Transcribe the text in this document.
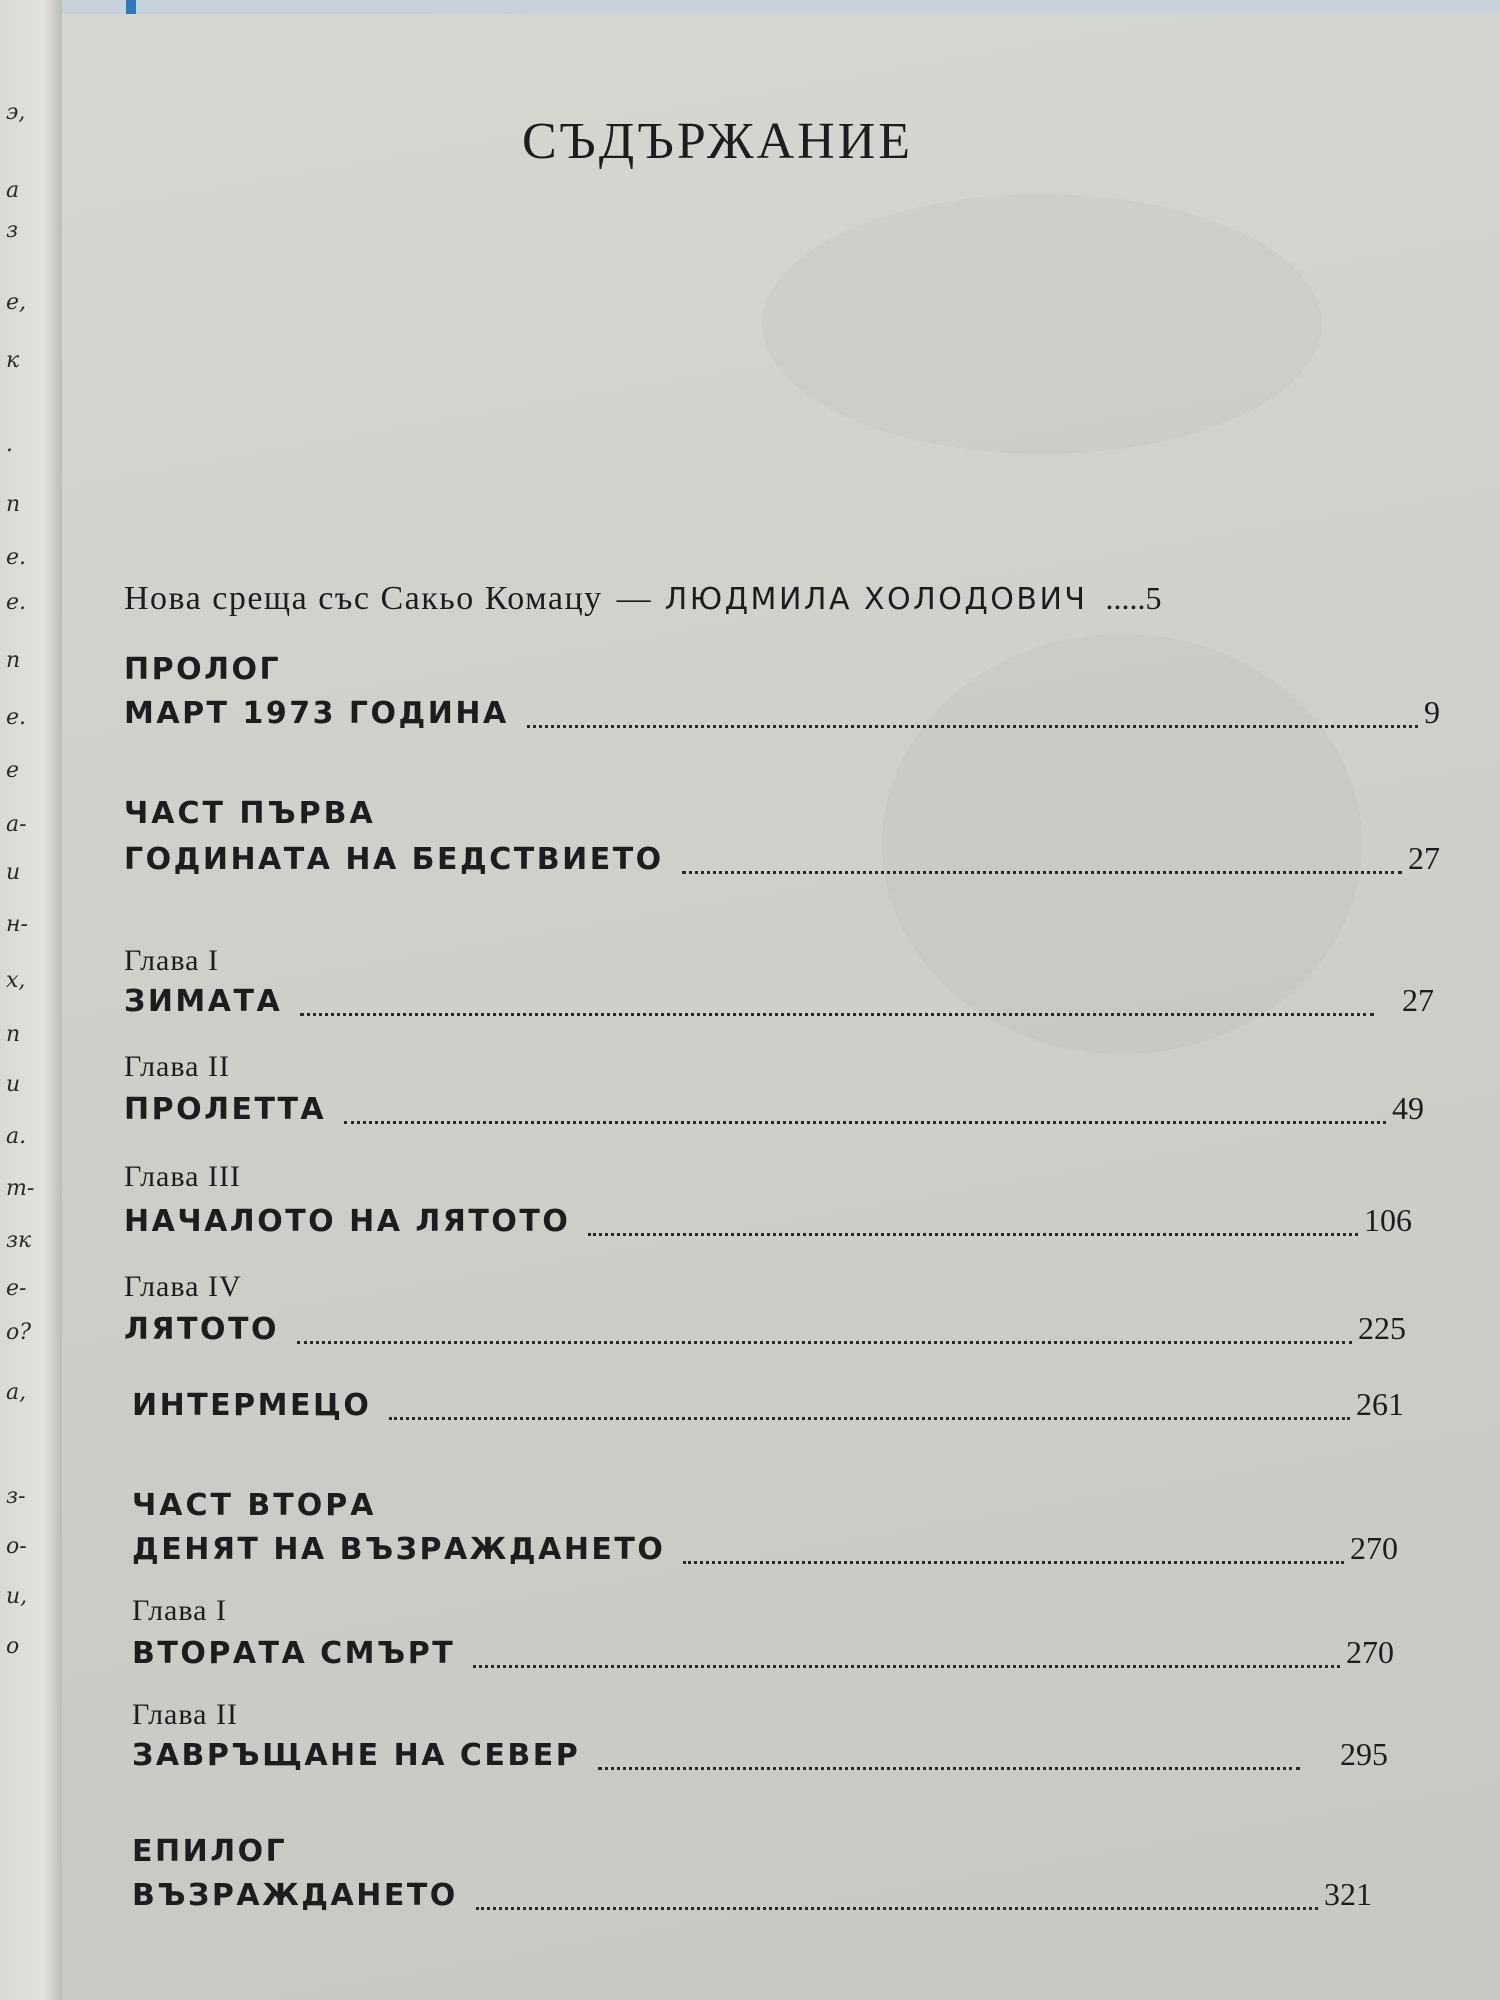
э,
а
з
е,
к
.
п
е.
е.
п
е.
е
а-
и
н-
х,
п
и
а.
т-
зк
е-
о?
а,
з-
о-
и,
о
СЪДЪРЖАНИЕ
Нова среща със Сакьо Комацу — ЛЮДМИЛА ХОЛОДОВИЧ .....5
ПРОЛОГ
МАРТ 1973 ГОДИНА	9
ЧАСТ ПЪРВА
ГОДИНАТА НА БЕДСТВИЕТО	27
Глава I
ЗИМАТА	27
Глава II
ПРОЛЕТТА	49
Глава III
НАЧАЛОТО НА ЛЯТОТО	106
Глава IV
ЛЯТОТО	225
ИНТЕРМЕЦО	261
ЧАСТ ВТОРА
ДЕНЯТ НА ВЪЗРАЖДАНЕТО	270
Глава I
ВТОРАТА СМЪРТ	270
Глава II
ЗАВРЪЩАНЕ НА СЕВЕР	295
ЕПИЛОГ
ВЪЗРАЖДАНЕТО	321
